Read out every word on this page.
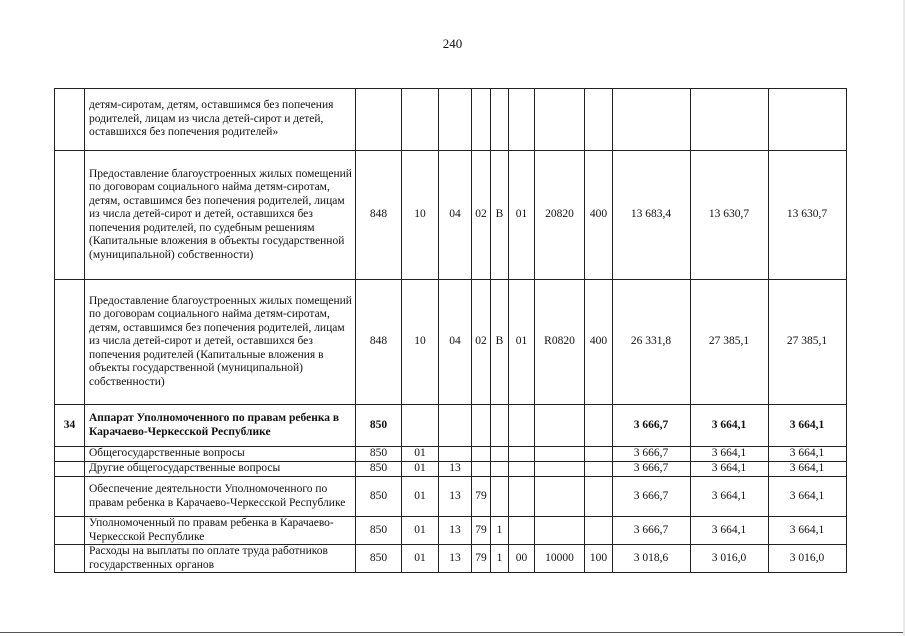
240
	детям-сиротам, детям, оставшимся без попечения родителей, лицам из числа детей-сирот и детей, оставшихся без попечения родителей»											
	Предоставление благоустроенных жилых помещений по договорам социального найма детям-сиротам, детям, оставшимся без попечения родителей, лицам из числа детей-сирот и детей, оставшихся без попечения родителей, по судебным решениям (Капитальные вложения в объекты государственной (муниципальной) собственности)	848	10	04	02	В	01	20820	400	13 683,4	13 630,7	13 630,7
	Предоставление благоустроенных жилых помещений по договорам социального найма детям-сиротам, детям, оставшимся без попечения родителей, лицам из числа детей-сирот и детей, оставшихся без попечения родителей (Капитальные вложения в объекты государственной (муниципальной) собственности)	848	10	04	02	В	01	R0820	400	26 331,8	27 385,1	27 385,1
34	Аппарат Уполномоченного по правам ребенка в Карачаево-Черкесской Республике	850								3 666,7	3 664,1	3 664,1
	Общегосударственные вопросы	850	01							3 666,7	3 664,1	3 664,1
	Другие общегосударственные вопросы	850	01	13						3 666,7	3 664,1	3 664,1
	Обеспечение деятельности Уполномоченного по правам ребенка в Карачаево-Черкесской Республике	850	01	13	79					3 666,7	3 664,1	3 664,1
	Уполномоченный по правам ребенка в Карачаево-Черкесской Республике	850	01	13	79	1				3 666,7	3 664,1	3 664,1
	Расходы на выплаты по оплате труда работников государственных органов	850	01	13	79	1	00	10000	100	3 018,6	3 016,0	3 016,0
